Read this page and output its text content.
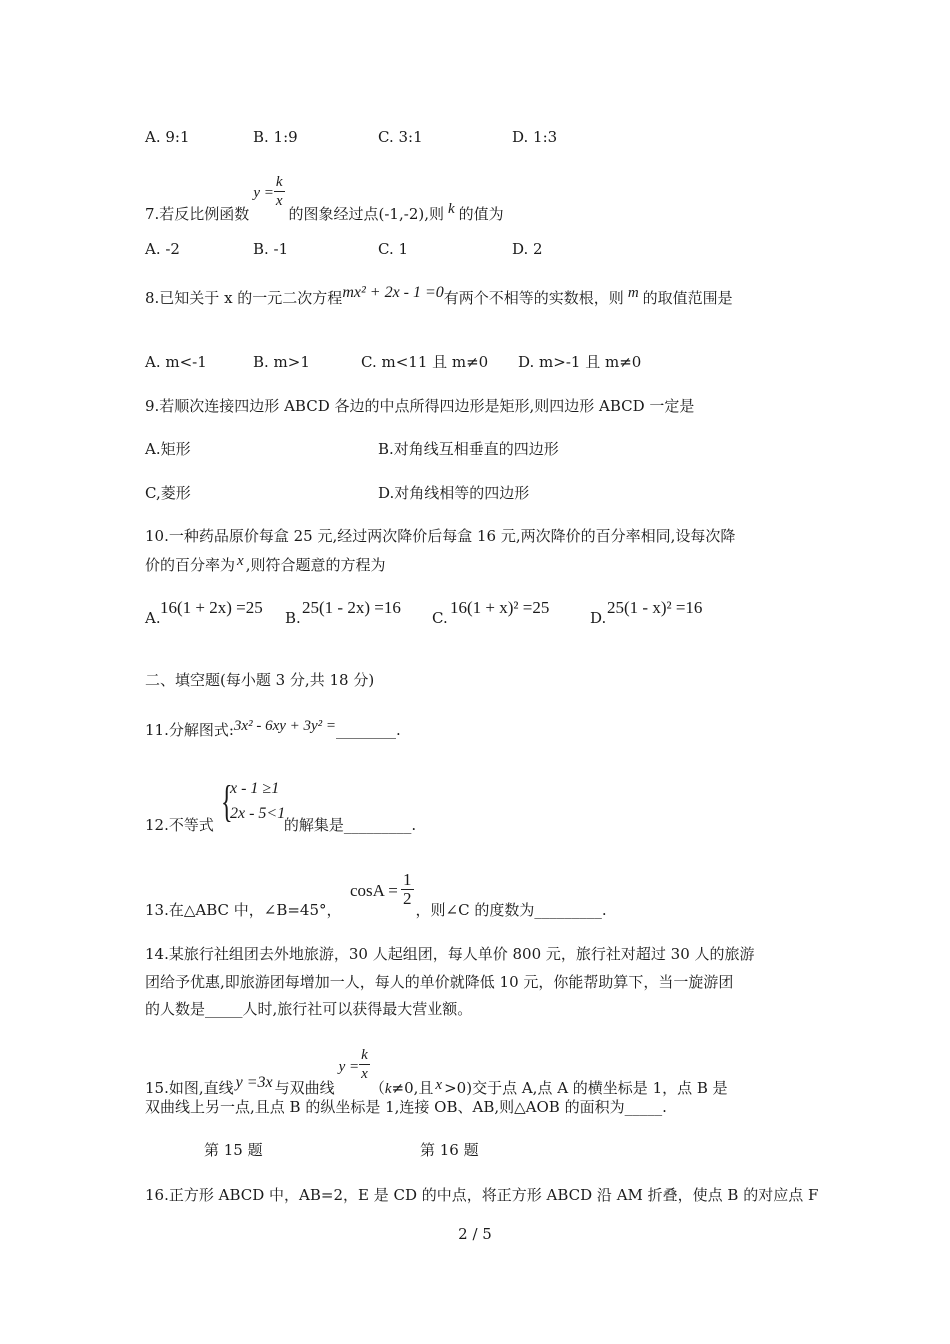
A. 9:1	B. 1:9	C. 3:1	D. 1:3
7.若反比例函数$y = \frac{k}{x}$
的图象经过点(-1,-2),则 k 的值为
A. -2	B. -1	C. 1	D. 2
8.已知关于 x 的一元二次方程mx² + 2x - 1 =0有两个不相等的实数根，则 m 的取值范围是
A. m<-1	B. m>1	C. m<11 且 m≠0 D. m>-1 且 m≠0
9.若顺次连接四边形 ABCD 各边的中点所得四边形是矩形,则四边形 ABCD 一定是
A.矩形	B.对角线互相垂直的四边形
C,菱形	D.对角线相等的四边形
10.一种药品原价每盒 25 元,经过两次降价后每盒 16 元,两次降价的百分率相同,设每次降
价的百分率为 x ,则符合题意的方程为
A.
16(1 + 2x) =25
B.
25(1 - 2x) =16
C.
16(1 + x)² =25
D.
25(1 - x)² =16
二、填空题(每小题 3 分,共 18 分)
11.分解图式:3x² - 6xy + 3y² =________.
{
x - 1 ≥1
2x - 5<1
12.不等式	的解集是_________.
$\cos A = \frac{1}{2}$
13.在△ABC 中，∠B=45°，	，则∠C 的度数为_________.
14.某旅行社组团去外地旅游，30 人起组团，每人单价 800 元，旅行社对超过 30 人的旅游
团给予优惠,即旅游团每增加一人，每人的单价就降低 10 元，你能帮助算下，当一旋游团
的人数是_____人时,旅行社可以获得最大营业额。
15.如图,直线 y =3x 与双曲线$y = \frac{k}{x}$
（k≠0,且 x >0)交于点 A,点 A 的横坐标是 1，点 B 是
双曲线上另一点,且点 B 的纵坐标是 1,连接 OB、AB,则△AOB 的面积为_____.
第 15 题	第 16 题
16.正方形 ABCD 中，AB=2，E 是 CD 的中点，将正方形 ABCD 沿 AM 折叠，使点 B 的对应点 F
2 / 5
